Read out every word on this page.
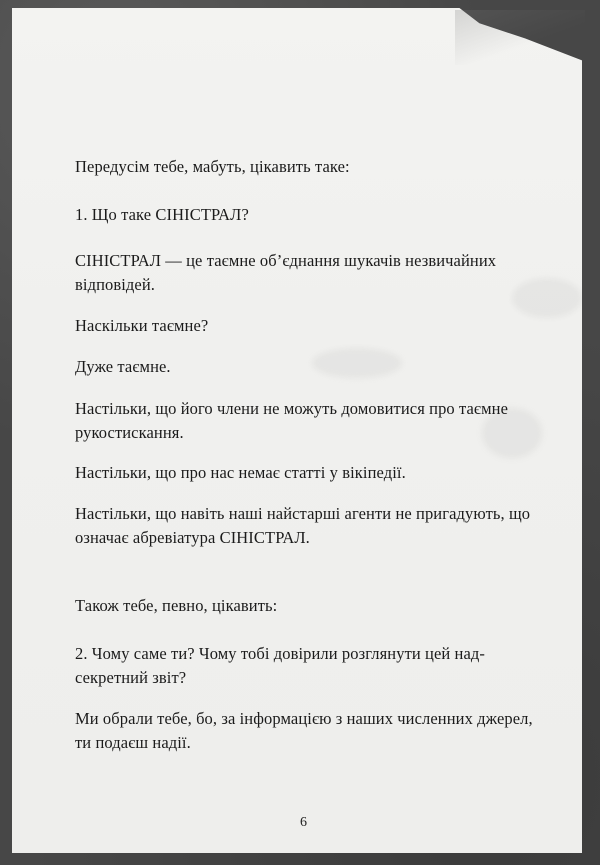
Передусім тебе, мабуть, цікавить таке:
1. Що таке СІНІСТРАЛ?
СІНІСТРАЛ — це таємне об’єднання шукачів незвичайних відповідей.
Наскільки таємне?
Дуже таємне.
Настільки, що його члени не можуть домовитися про таємне рукостискання.
Настільки, що про нас немає статті у вікіпедії.
Настільки, що навіть наші найстарші агенти не пригадують, що означає абревіатура СІНІСТРАЛ.
Також тебе, певно, цікавить:
2. Чому саме ти? Чому тобі довірили розглянути цей над-секретний звіт?
Ми обрали тебе, бо, за інформацією з наших численних джерел, ти подаєш надії.
6
